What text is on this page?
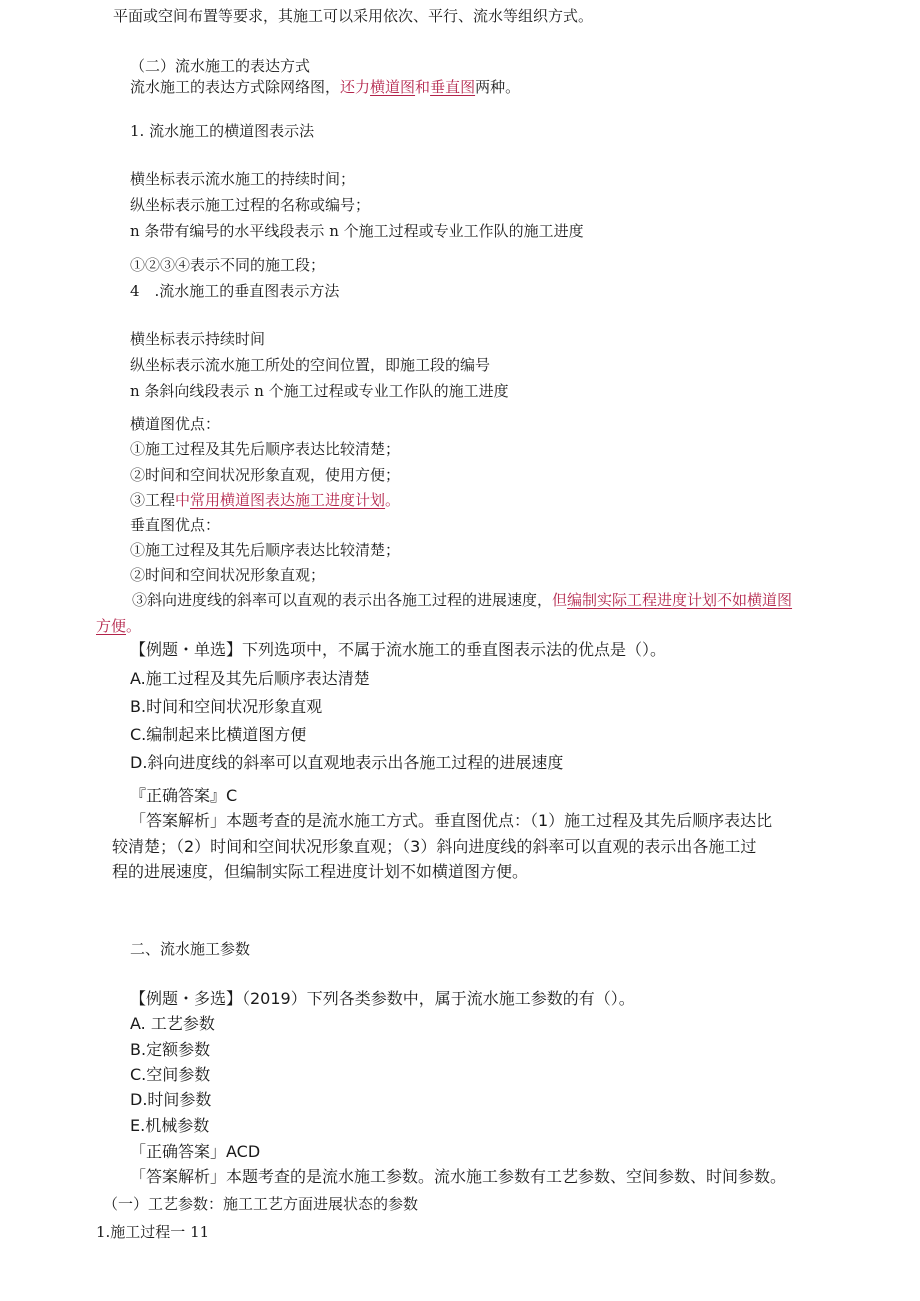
平面或空间布置等要求，其施工可以采用依次、平行、流水等组织方式。
（二）流水施工的表达方式
流水施工的表达方式除网络图，还力横道图和垂直图两种。
1. 流水施工的横道图表示法
横坐标表示流水施工的持续时间；
纵坐标表示施工过程的名称或编号；
n 条带有编号的水平线段表示 n 个施工过程或专业工作队的施工进度
①②③④表示不同的施工段；
4　.流水施工的垂直图表示方法
横坐标表示持续时间
纵坐标表示流水施工所处的空间位置，即施工段的编号
n 条斜向线段表示 n 个施工过程或专业工作队的施工进度
横道图优点：
①施工过程及其先后顺序表达比较清楚；
②时间和空间状况形象直观，使用方便；
③工程中常用横道图表达施工进度计划。
垂直图优点：
①施工过程及其先后顺序表达比较清楚；
②时间和空间状况形象直观；
③斜向进度线的斜率可以直观的表示出各施工过程的进展速度，但编制实际工程进度计划不如横道图
方便。
【例题・单选】下列选项中，不属于流水施工的垂直图表示法的优点是（）。
A.施工过程及其先后顺序表达清楚
B.时间和空间状况形象直观
C.编制起来比横道图方便
D.斜向进度线的斜率可以直观地表示出各施工过程的进展速度
『正确答案』C
「答案解析」本题考查的是流水施工方式。垂直图优点：（1）施工过程及其先后顺序表达比
较清楚；（2）时间和空间状况形象直观；（3）斜向进度线的斜率可以直观的表示出各施工过
程的进展速度，但编制实际工程进度计划不如横道图方便。
二、流水施工参数
【例题・多选】（2019）下列各类参数中，属于流水施工参数的有（）。
A. 工艺参数
B.定额参数
C.空间参数
D.时间参数
E.机械参数
「正确答案」ACD
「答案解析」本题考查的是流水施工参数。流水施工参数有工艺参数、空间参数、时间参数。
（一）工艺参数：施工工艺方面进展状态的参数
1.施工过程一 11
